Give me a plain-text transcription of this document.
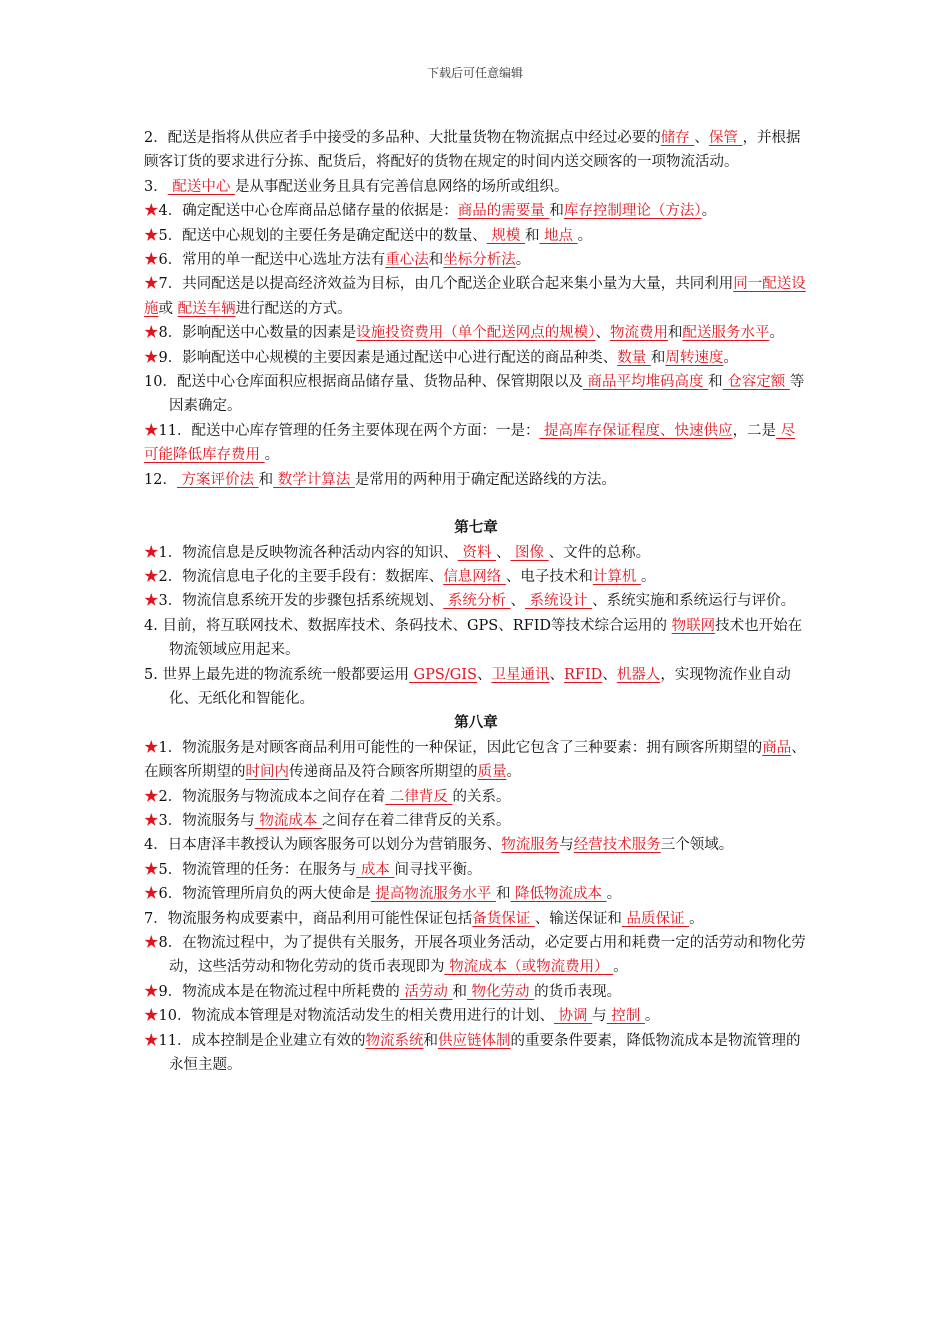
下载后可任意编辑

2．配送是指将从供应者手中接受的多品种、大批量货物在物流据点中经过必要的储存 、保管 ，并根据顾客订货的要求进行分拣、配货后，将配好的货物在规定的时间内送交顾客的一项物流活动。

3． 配送中心 是从事配送业务且具有完善信息网络的场所或组织。

★4．确定配送中心仓库商品总储存量的依据是：商品的需要量 和库存控制理论（方法）。

★5．配送中心规划的主要任务是确定配送中的数量、 规模 和 地点 。

★6．常用的单一配送中心选址方法有重心法和坐标分析法。

★7．共同配送是以提高经济效益为目标，由几个配送企业联合起来集小量为大量，共同利用同一配送设施或 配送车辆进行配送的方式。

★8．影响配送中心数量的因素是设施投资费用（单个配送网点的规模）、物流费用和配送服务水平。

★9．影响配送中心规模的主要因素是通过配送中心进行配送的商品种类、数量 和周转速度。

10．配送中心仓库面积应根据商品储存量、货物品种、保管期限以及 商品平均堆码高度 和 仓容定额 等因素确定。

★11．配送中心库存管理的任务主要体现在两个方面：一是： 提高库存保证程度、快速供应，二是 尽可能降低库存费用 。

12． 方案评价法 和 数学计算法 是常用的两种用于确定配送路线的方法。

第七章

★1．物流信息是反映物流各种活动内容的知识、 资料 、 图像 、文件的总称。

★2．物流信息电子化的主要手段有：数据库、信息网络 、电子技术和计算机 。

★3．物流信息系统开发的步骤包括系统规划、 系统分析 、 系统设计 、系统实施和系统运行与评价。

4. 目前，将互联网技术、数据库技术、条码技术、GPS、RFID等技术综合运用的 物联网技术也开始在物流领域应用起来。

5. 世界上最先进的物流系统一般都要运用 GPS/GIS、卫星通讯、RFID、机器人，实现物流作业自动化、无纸化和智能化。

第八章

★1．物流服务是对顾客商品利用可能性的一种保证，因此它包含了三种要素：拥有顾客所期望的商品、在顾客所期望的时间内传递商品及符合顾客所期望的质量。

★2．物流服务与物流成本之间存在着 二律背反 的关系。

★3．物流服务与 物流成本 之间存在着二律背反的关系。

4．日本唐泽丰教授认为顾客服务可以划分为营销服务、物流服务与经营技术服务三个领域。

★5．物流管理的任务：在服务与 成本 间寻找平衡。

★6．物流管理所肩负的两大使命是 提高物流服务水平 和 降低物流成本 。

7．物流服务构成要素中，商品利用可能性保证包括备货保证 、输送保证和 品质保证 。

★8．在物流过程中，为了提供有关服务，开展各项业务活动，必定要占用和耗费一定的活劳动和物化劳动，这些活劳动和物化劳动的货币表现即为 物流成本（或物流费用） 。

★9．物流成本是在物流过程中所耗费的 活劳动 和 物化劳动 的货币表现。

★10．物流成本管理是对物流活动发生的相关费用进行的计划、 协调 与 控制 。

★11．成本控制是企业建立有效的物流系统和供应链体制的重要条件要素，降低物流成本是物流管理的永恒主题。
